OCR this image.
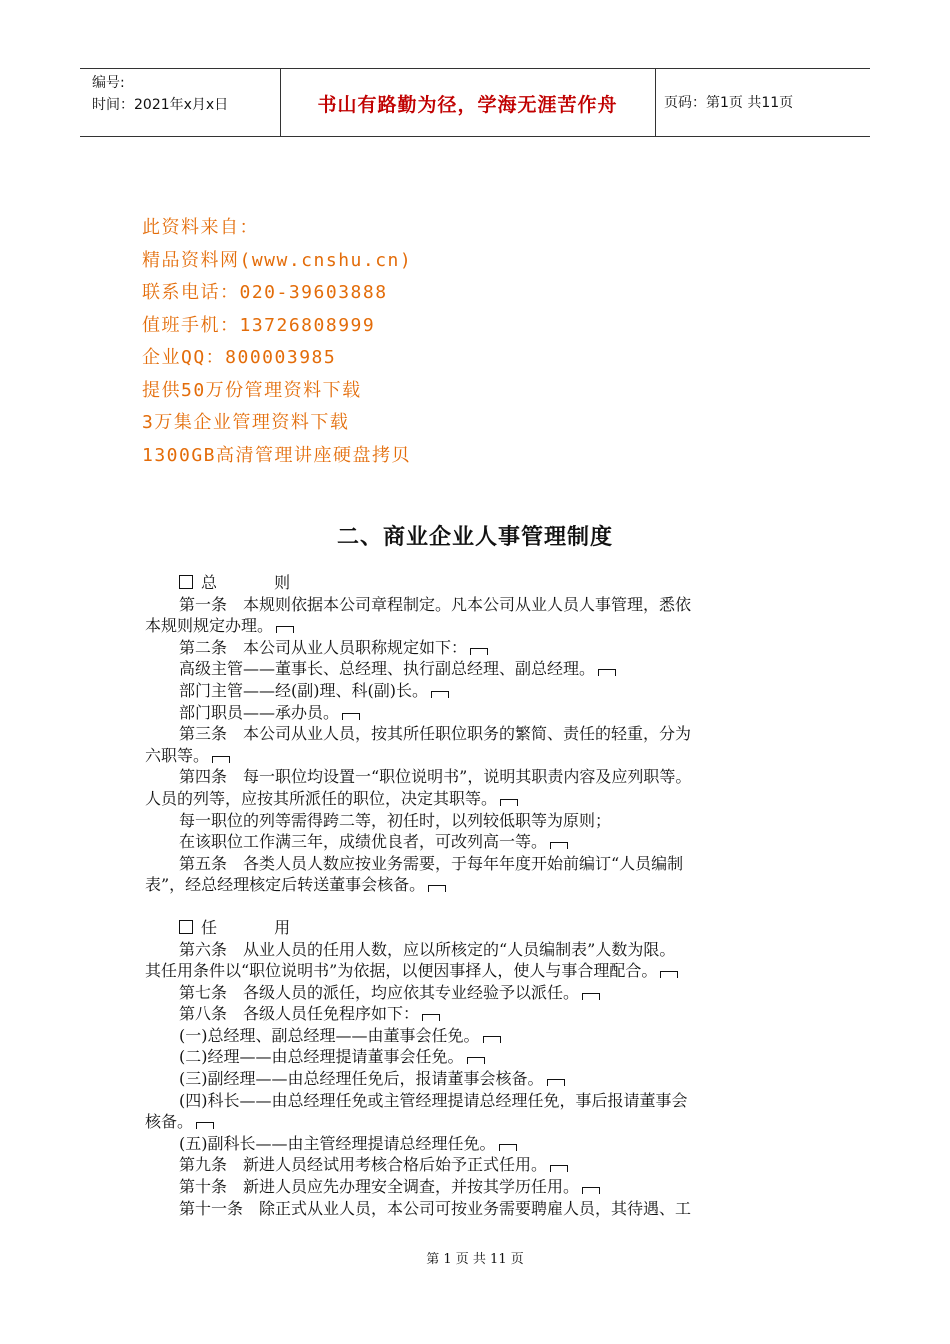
编号:
时间：2021年x月x日	书山有路勤为径，学海无涯苦作舟	页码：第1页 共11页
此资料来自：
精品资料网(www.cnshu.cn)
联系电话：020-39603888
值班手机：13726808999
企业QQ：800003985
提供50万份管理资料下载
3万集企业管理资料下载
1300GB高清管理讲座硬盘拷贝
二、商业企业人事管理制度
总 则
第一条　本规则依据本公司章程制定。凡本公司从业人员人事管理，悉依
本规则规定办理。
第二条　本公司从业人员职称规定如下：
高级主管——董事长、总经理、执行副总经理、副总经理。
部门主管——经(副)理、科(副)长。
部门职员——承办员。
第三条　本公司从业人员，按其所任职位职务的繁简、责任的轻重，分为
六职等。
第四条　每一职位均设置一“职位说明书”，说明其职责内容及应列职等。
人员的列等，应按其所派任的职位，决定其职等。
每一职位的列等需得跨二等，初任时，以列较低职等为原则；
在该职位工作满三年，成绩优良者，可改列高一等。
第五条　各类人员人数应按业务需要，于每年年度开始前编订“人员编制
表”，经总经理核定后转送董事会核备。
任 用
第六条　从业人员的任用人数，应以所核定的“人员编制表”人数为限。
其任用条件以“职位说明书”为依据，以便因事择人，使人与事合理配合。
第七条　各级人员的派任，均应依其专业经验予以派任。
第八条　各级人员任免程序如下：
(一)总经理、副总经理——由董事会任免。
(二)经理——由总经理提请董事会任免。
(三)副经理——由总经理任免后，报请董事会核备。
(四)科长——由总经理任免或主管经理提请总经理任免，事后报请董事会
核备。
(五)副科长——由主管经理提请总经理任免。
第九条　新进人员经试用考核合格后始予正式任用。
第十条　新进人员应先办理安全调查，并按其学历任用。
第十一条　除正式从业人员，本公司可按业务需要聘雇人员，其待遇、工
第 1 页 共 11 页
